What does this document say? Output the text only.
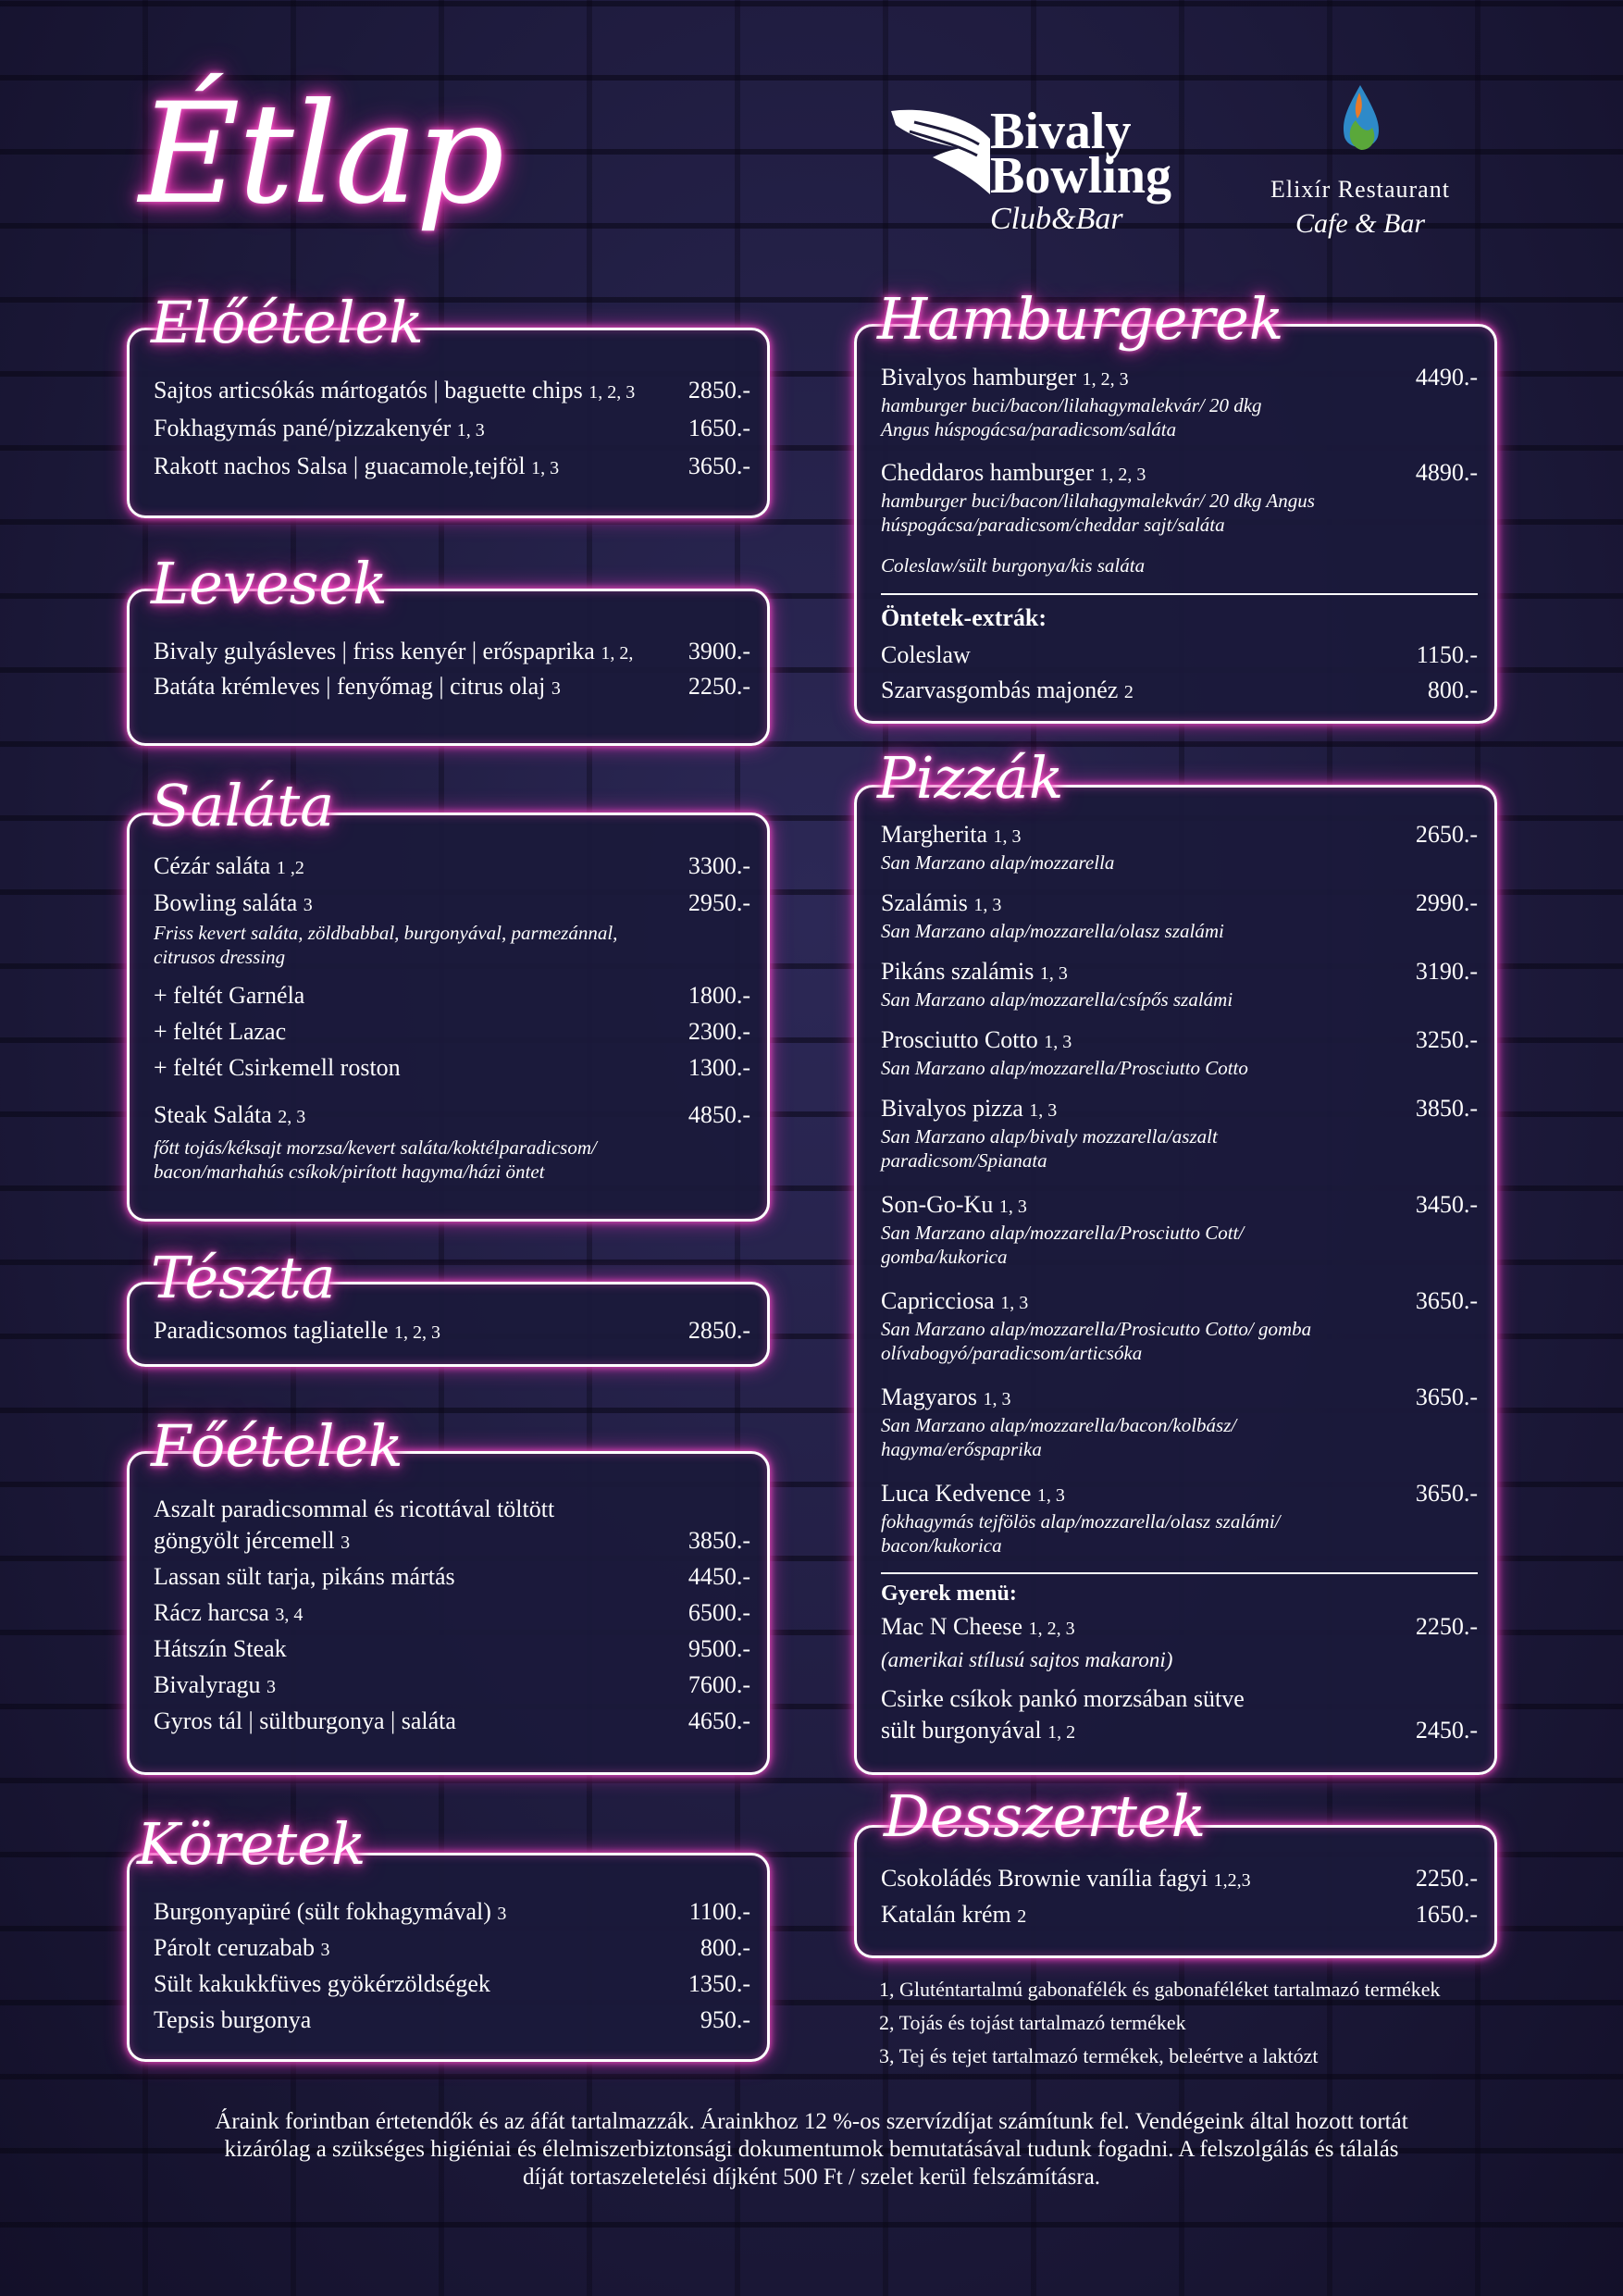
Étlap	Bivaly
Bowling
Club&Bar
Elixír Restaurant
Cafe & Bar
Sajtos articsókás mártogatós | baguette chips 1, 2, 3 2850.-
Fokhagymás pané/pizzakenyér 1, 3	1650.-
Rakott nachos Salsa | guacamole,tejföl 1, 3	3650.-
Előételek
Bivaly gulyásleves | friss kenyér | erőspaprika 1, 2, 3900.-
Batáta krémleves | fenyőmag | citrus olaj 3	2250.-
Levesek
Cézár saláta 1 ,2	3300.-
Bowling saláta 3	2950.-
Friss kevert saláta, zöldbabbal, burgonyával, parmezánnal, citrusos dressing
+ feltét Garnéla	1800.-
+ feltét Lazac	2300.-
+ feltét Csirkemell roston	1300.-
Steak Saláta 2, 3	4850.-
főtt tojás/kéksajt morzsa/kevert saláta/koktélparadicsom/ bacon/marhahús csíkok/pirított hagyma/házi öntet
Saláta
Paradicsomos tagliatelle 1, 2, 3	2850.-
Tészta
Aszalt paradicsommal és ricottával töltött
göngyölt jércemell 3	3850.-
Lassan sült tarja, pikáns mártás	4450.-
Rácz harcsa 3, 4	6500.-
Hátszín Steak	9500.-
Bivalyragu 3	7600.-
Gyros tál | sültburgonya | saláta	4650.-
Főételek
Burgonyapüré (sült fokhagymával) 3	1100.-
Párolt ceruzabab 3	800.-
Sült kakukkfüves gyökérzöldségek	1350.-
Tepsis burgonya	950.-
Köretek
Bivalyos hamburger 1, 2, 3	4490.-
hamburger buci/bacon/lilahagymalekvár/ 20 dkg Angus húspogácsa/paradicsom/saláta
Cheddaros hamburger 1, 2, 3	4890.-
hamburger buci/bacon/lilahagymalekvár/ 20 dkg Angus húspogácsa/paradicsom/cheddar sajt/saláta
Coleslaw/sült burgonya/kis saláta
Öntetek-extrák:
Coleslaw	1150.-
Szarvasgombás majonéz 2	800.-
Hamburgerek
Margherita 1, 3	2650.-
San Marzano alap/mozzarella
Szalámis 1, 3	2990.-
San Marzano alap/mozzarella/olasz szalámi
Pikáns szalámis 1, 3	3190.-
San Marzano alap/mozzarella/csípős szalámi
Prosciutto Cotto 1, 3	3250.-
San Marzano alap/mozzarella/Prosciutto Cotto
Bivalyos pizza 1, 3	3850.-
San Marzano alap/bivaly mozzarella/aszalt paradicsom/Spianata
Son-Go-Ku 1, 3	3450.-
San Marzano alap/mozzarella/Prosciutto Cott/ gomba/kukorica
Capricciosa 1, 3	3650.-
San Marzano alap/mozzarella/Prosicutto Cotto/ gomba olívabogyó/paradicsom/articsóka
Magyaros 1, 3	3650.-
San Marzano alap/mozzarella/bacon/kolbász/ hagyma/erőspaprika
Luca Kedvence 1, 3	3650.-
fokhagymás tejfölös alap/mozzarella/olasz szalámi/ bacon/kukorica
Gyerek menü:
Mac N Cheese 1, 2, 3	2250.-
(amerikai stílusú sajtos makaroni)
Csirke csíkok pankó morzsában sütve
sült burgonyával 1, 2	2450.-
Pizzák
Csokoládés Brownie vanília fagyi 1,2,3	2250.-
Katalán krém 2	1650.-
Desszertek
1, Gluténtartalmú gabonafélék és gabonaféléket tartalmazó termékek
2, Tojás és tojást tartalmazó termékek
3, Tej és tejet tartalmazó termékek, beleértve a laktózt
Áraink forintban értetendők és az áfát tartalmazzák. Árainkhoz 12 %-os szervízdíjat számítunk fel. Vendégeink által hozott tortát
kizárólag a szükséges higiéniai és élelmiszerbiztonsági dokumentumok bemutatásával tudunk fogadni. A felszolgálás és tálalás
díját tortaszeletelési díjként 500 Ft / szelet kerül felszámításra.
